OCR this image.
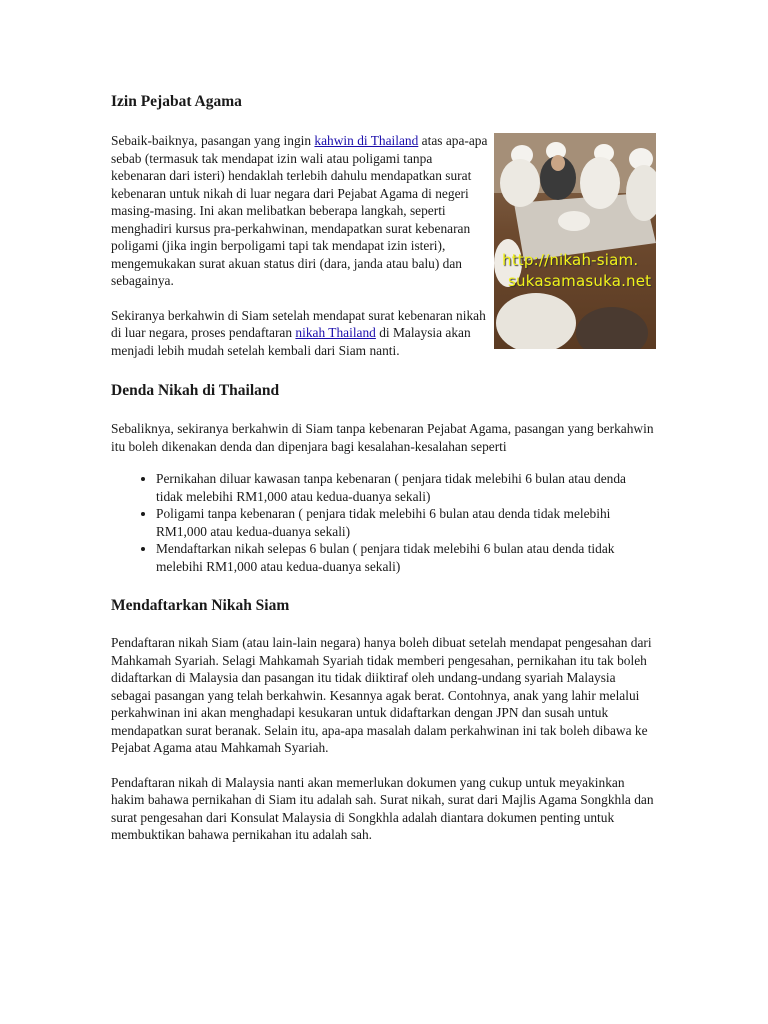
Izin Pejabat Agama
http://nikah-siam.
sukasamasuka.net

Sebaik-baiknya, pasangan yang ingin kahwin di Thailand atas apa-apa sebab (termasuk tak mendapat izin wali atau poligami tanpa kebenaran dari isteri) hendaklah terlebih dahulu mendapatkan surat kebenaran untuk nikah di luar negara dari Pejabat Agama di negeri masing-masing. Ini akan melibatkan beberapa langkah, seperti menghadiri kursus pra-perkahwinan, mendapatkan surat kebenaran poligami (jika ingin berpoligami tapi tak mendapat izin isteri), mengemukakan surat akuan status diri (dara, janda atau balu) dan sebagainya.

Sekiranya berkahwin di Siam setelah mendapat surat kebenaran nikah di luar negara, proses pendaftaran nikah Thailand di Malaysia akan menjadi lebih mudah setelah kembali dari Siam nanti.

Denda Nikah di Thailand

Sebaliknya, sekiranya berkahwin di Siam tanpa kebenaran Pejabat Agama, pasangan yang berkahwin itu boleh dikenakan denda dan dipenjara bagi kesalahan-kesalahan seperti

• Pernikahan diluar kawasan tanpa kebenaran ( penjara tidak melebihi 6 bulan atau denda tidak melebihi RM1,000 atau kedua-duanya sekali)
• Poligami tanpa kebenaran ( penjara tidak melebihi 6 bulan atau denda tidak melebihi RM1,000 atau kedua-duanya sekali)
• Mendaftarkan nikah selepas 6 bulan ( penjara tidak melebihi 6 bulan atau denda tidak melebihi RM1,000 atau kedua-duanya sekali)
Mendaftarkan Nikah Siam

Pendaftaran nikah Siam (atau lain-lain negara) hanya boleh dibuat setelah mendapat pengesahan dari Mahkamah Syariah. Selagi Mahkamah Syariah tidak memberi pengesahan, pernikahan itu tak boleh didaftarkan di Malaysia dan pasangan itu tidak diiktiraf oleh undang-undang syariah Malaysia sebagai pasangan yang telah berkahwin. Kesannya agak berat. Contohnya, anak yang lahir melalui perkahwinan ini akan menghadapi kesukaran untuk didaftarkan dengan JPN dan susah untuk mendapatkan surat beranak. Selain itu, apa-apa masalah dalam perkahwinan ini tak boleh dibawa ke Pejabat Agama atau Mahkamah Syariah.

Pendaftaran nikah di Malaysia nanti akan memerlukan dokumen yang cukup untuk meyakinkan hakim bahawa pernikahan di Siam itu adalah sah. Surat nikah, surat dari Majlis Agama Songkhla dan surat pengesahan dari Konsulat Malaysia di Songkhla adalah diantara dokumen penting untuk membuktikan bahawa pernikahan itu adalah sah.
